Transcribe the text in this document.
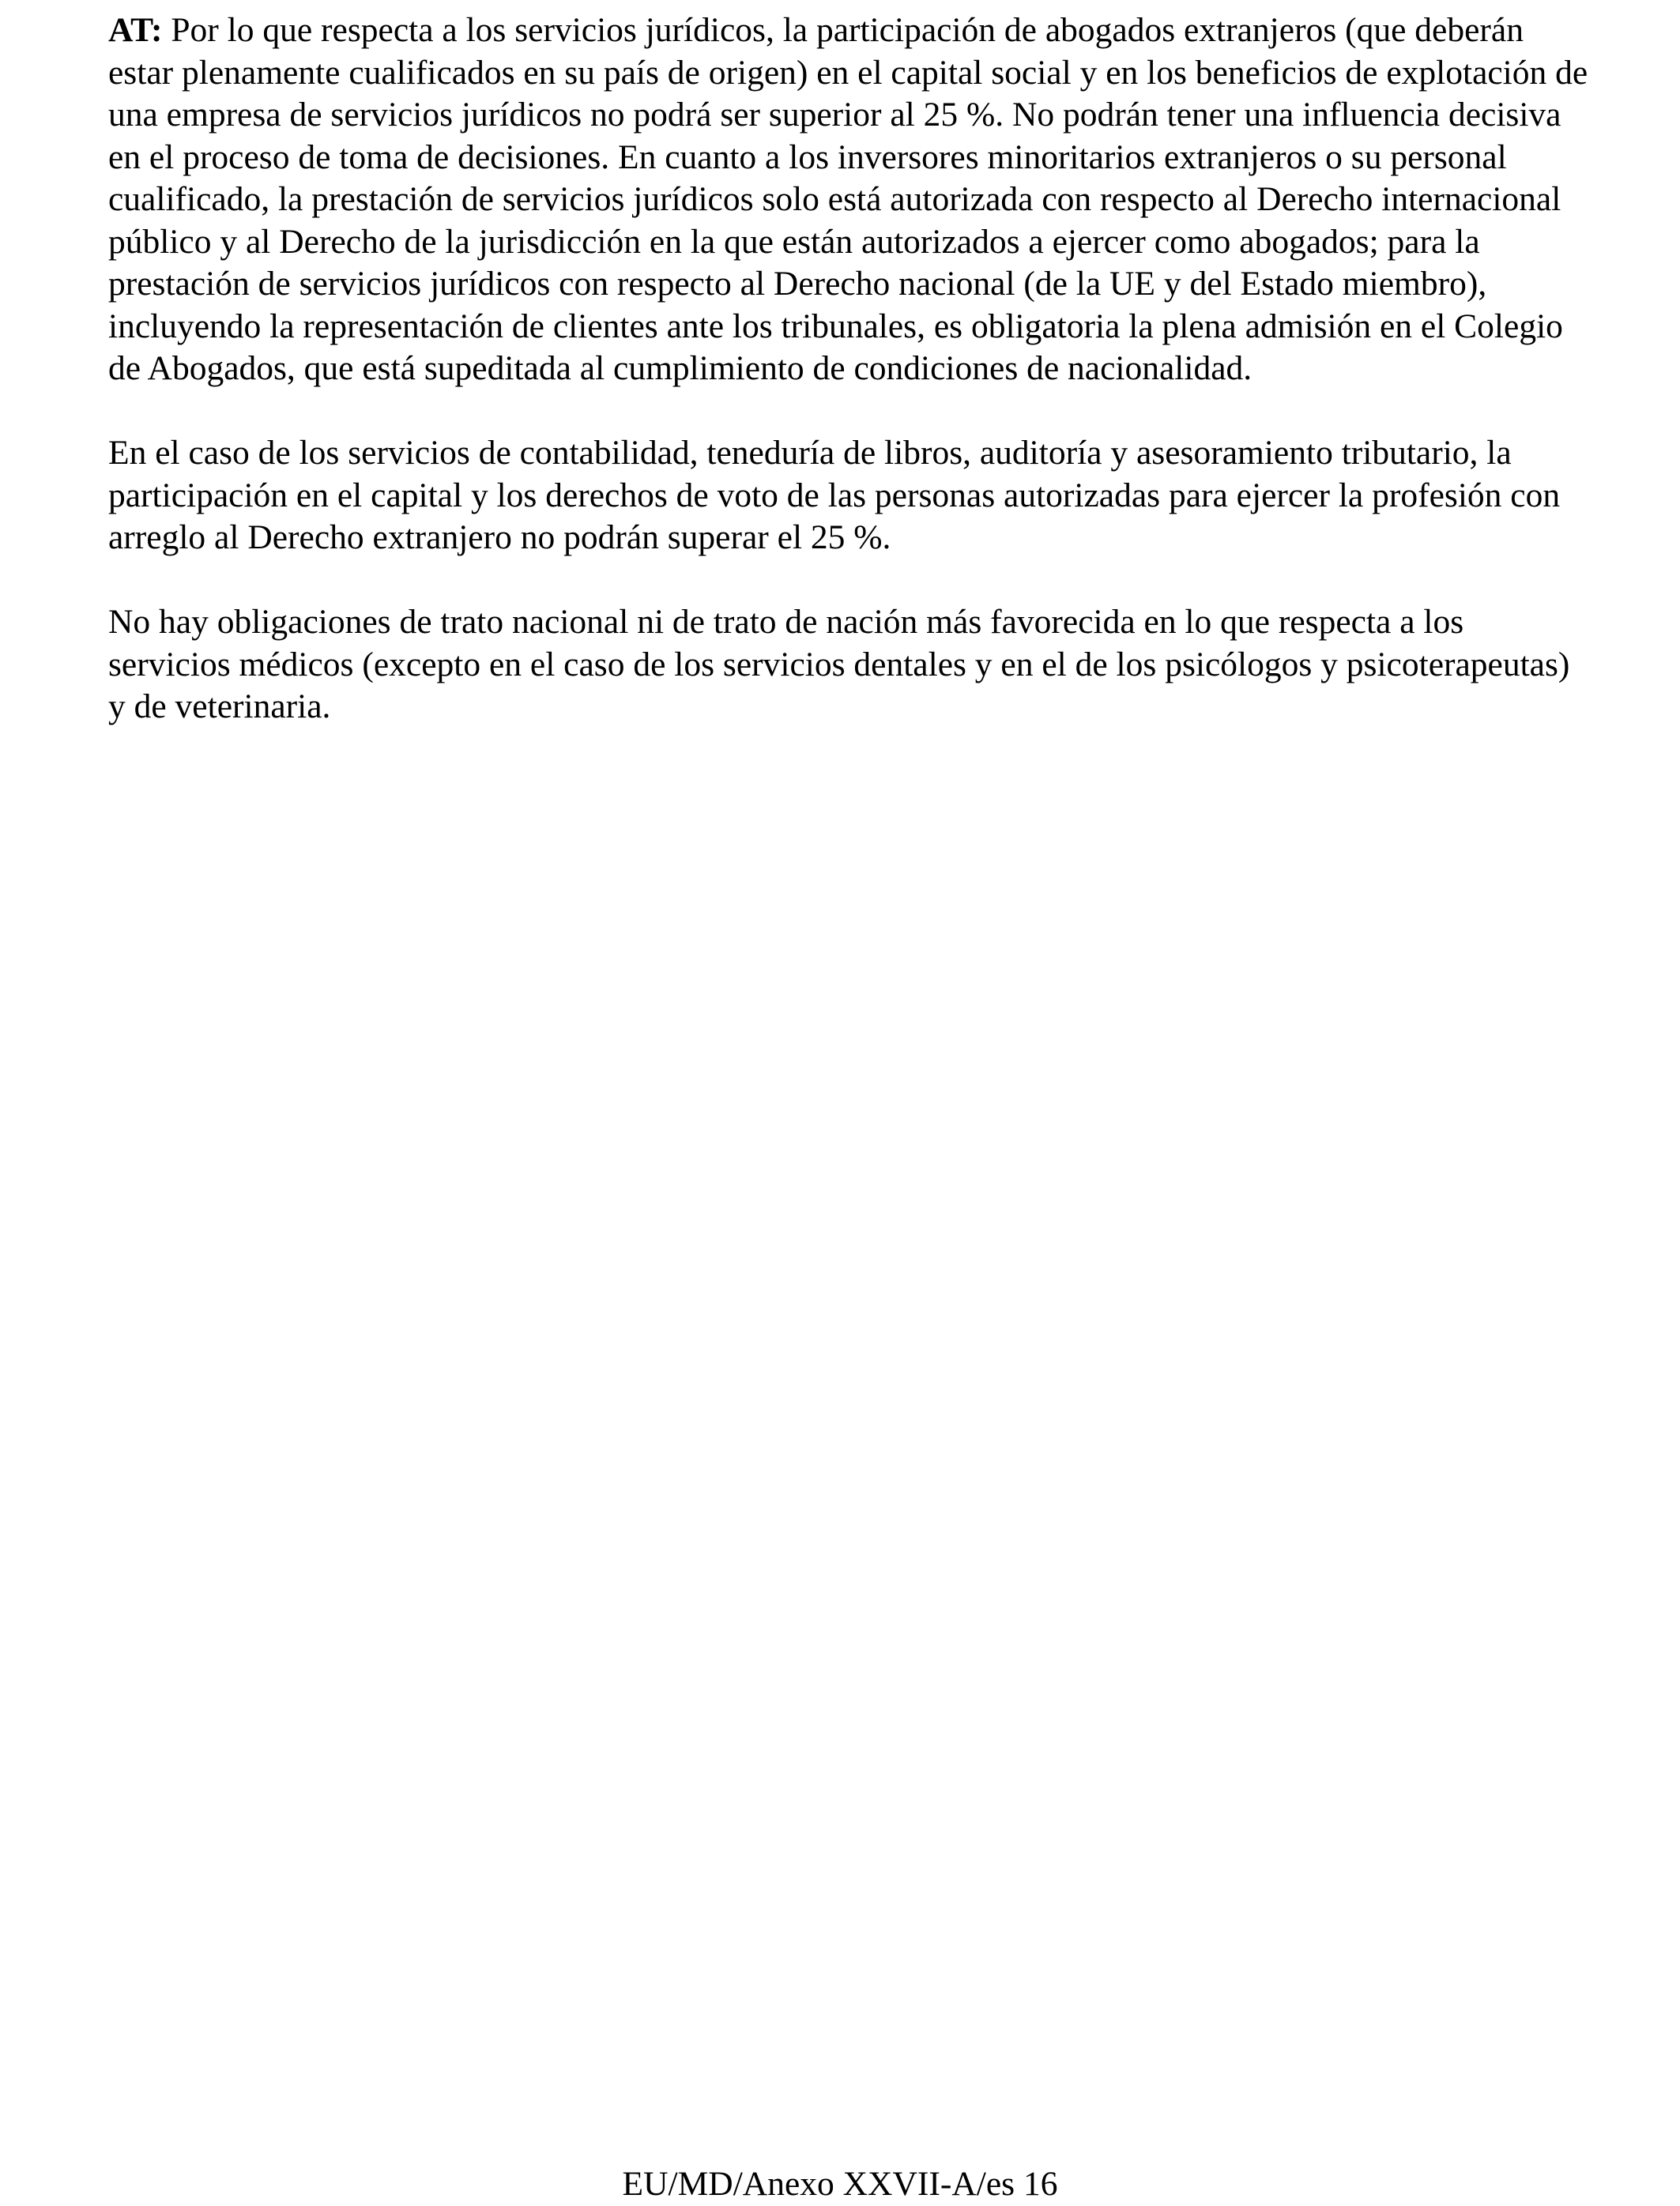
AT: Por lo que respecta a los servicios jurídicos, la participación de abogados extranjeros (que deberán estar plenamente cualificados en su país de origen) en el capital social y en los beneficios de explotación de una empresa de servicios jurídicos no podrá ser superior al 25 %. No podrán tener una influencia decisiva en el proceso de toma de decisiones. En cuanto a los inversores minoritarios extranjeros o su personal cualificado, la prestación de servicios jurídicos solo está autorizada con respecto al Derecho internacional público y al Derecho de la jurisdicción en la que están autorizados a ejercer como abogados; para la prestación de servicios jurídicos con respecto al Derecho nacional (de la UE y del Estado miembro), incluyendo la representación de clientes ante los tribunales, es obligatoria la plena admisión en el Colegio de Abogados, que está supeditada al cumplimiento de condiciones de nacionalidad.

En el caso de los servicios de contabilidad, teneduría de libros, auditoría y asesoramiento tributario, la participación en el capital y los derechos de voto de las personas autorizadas para ejercer la profesión con arreglo al Derecho extranjero no podrán superar el 25 %.

No hay obligaciones de trato nacional ni de trato de nación más favorecida en lo que respecta a los servicios médicos (excepto en el caso de los servicios dentales y en el de los psicólogos y psicoterapeutas) y de veterinaria.

EU/MD/Anexo XXVII-A/es 16
